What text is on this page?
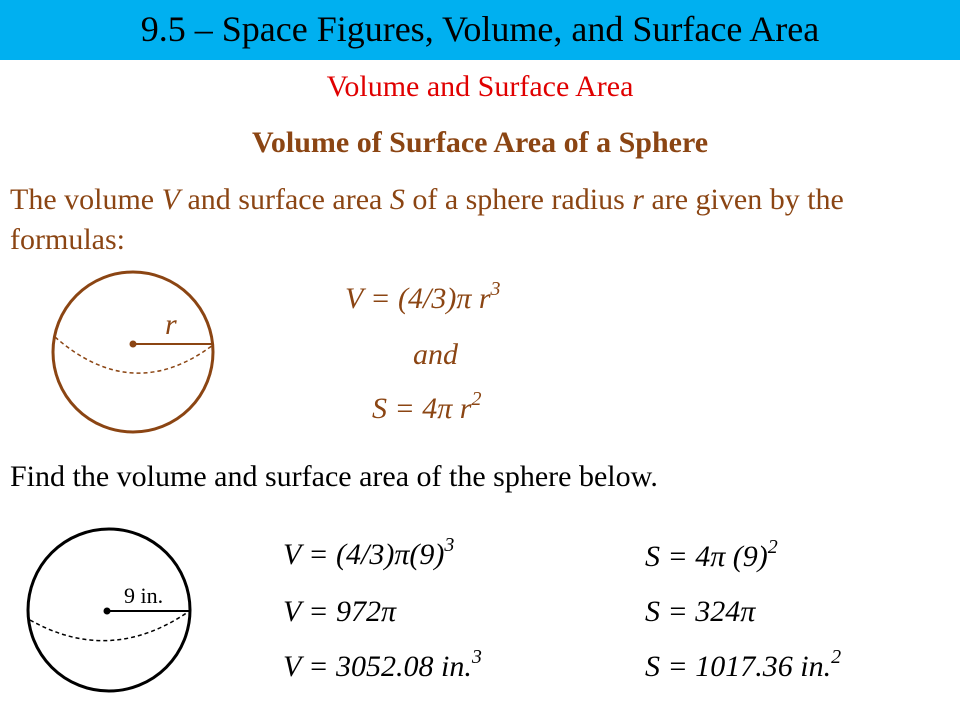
9.5 – Space Figures, Volume, and Surface Area
Volume and Surface Area
Volume of Surface Area of a Sphere
The volume V and surface area S of a sphere radius r are given by the formulas:
r
V = (4/3)π $r^3$
and
S = 4π $r^2$
Find the volume and surface area of the sphere below.
9 in.
$V = (4/3)\pi(9)^3$
V = 972π
V = 3052.08 in.$^3$
S = 4π $(9)^2$
S = 324π
S = 1017.36 in.$^2$
